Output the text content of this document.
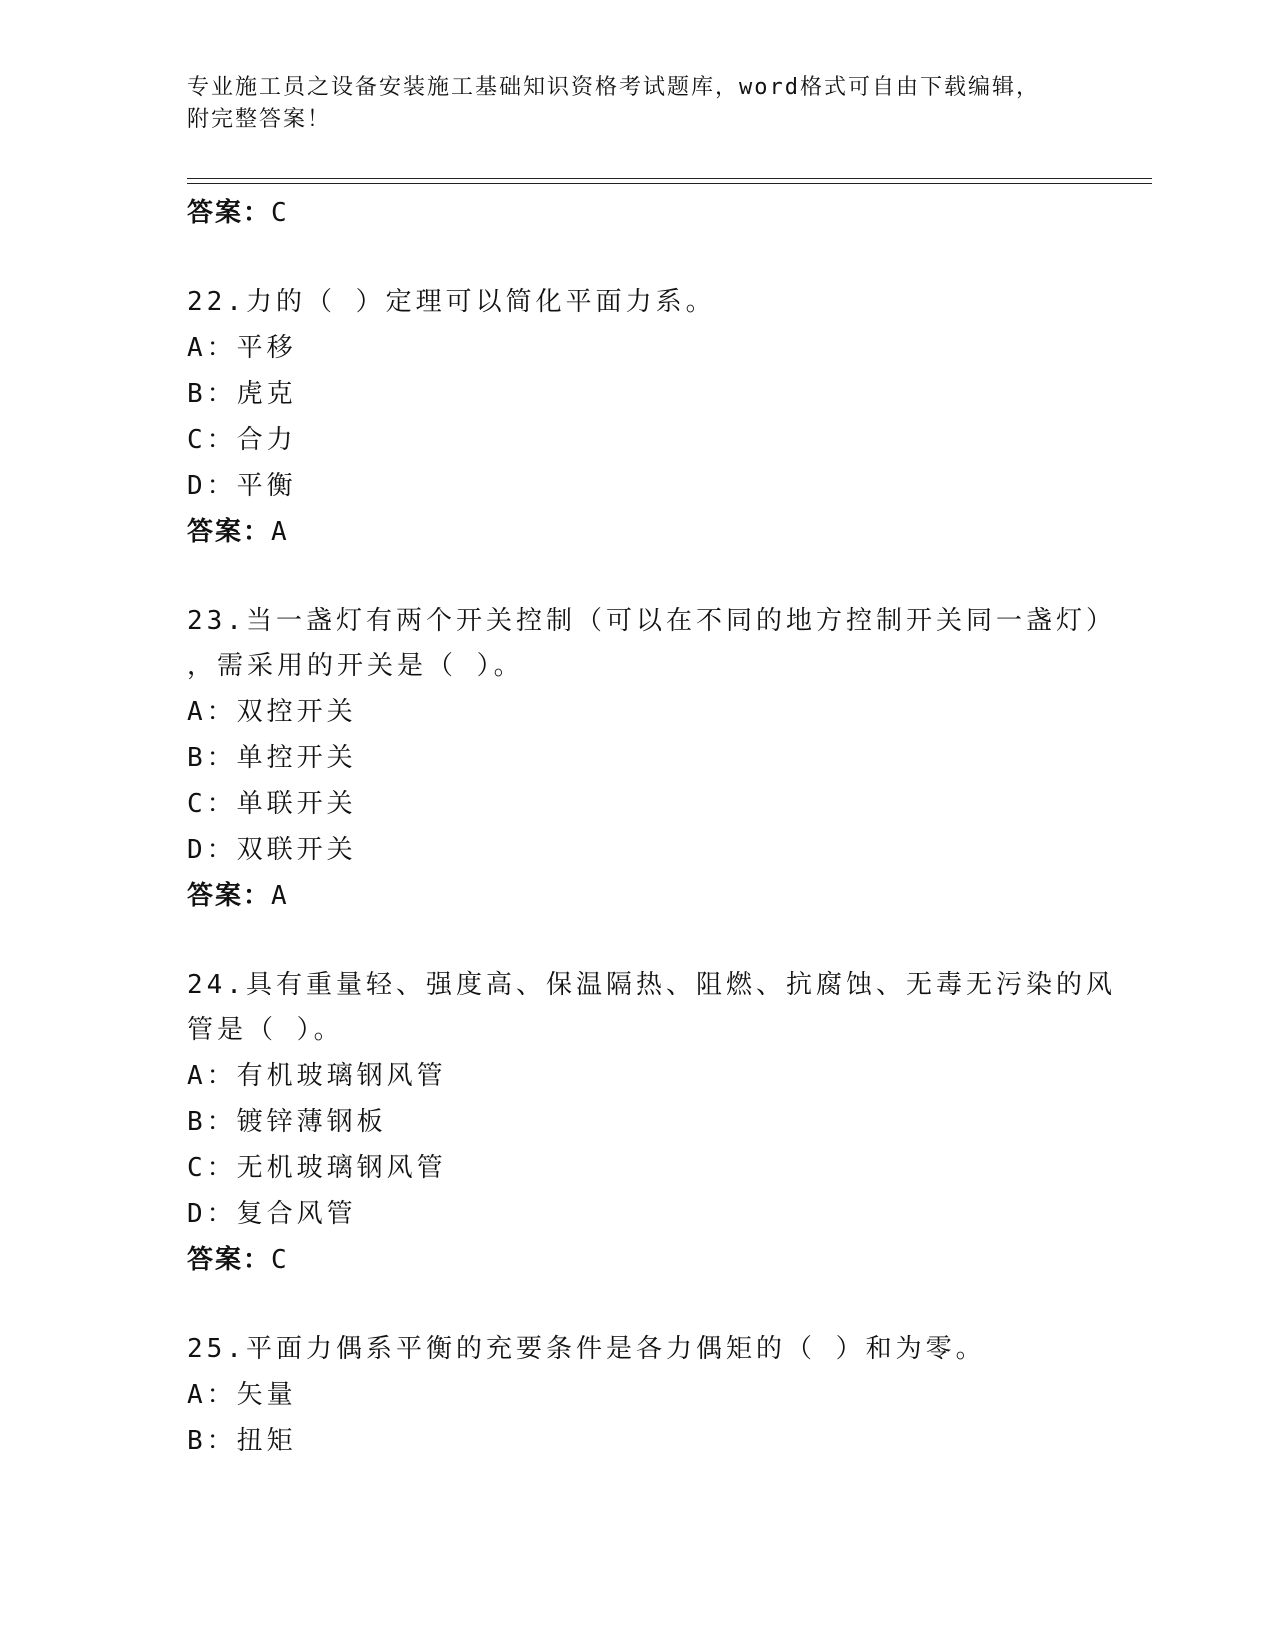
专业施工员之设备安装施工基础知识资格考试题库，word格式可自由下载编辑，
附完整答案！
答案：C
22.力的（ ）定理可以简化平面力系。
A：平移
B：虎克
C：合力
D：平衡
答案：A
23.当一盏灯有两个开关控制（可以在不同的地方控制开关同一盏灯）
，需采用的开关是（ ）。
A：双控开关
B：单控开关
C：单联开关
D：双联开关
答案：A
24.具有重量轻、强度高、保温隔热、阻燃、抗腐蚀、无毒无污染的风
管是（ ）。
A：有机玻璃钢风管
B：镀锌薄钢板
C：无机玻璃钢风管
D：复合风管
答案：C
25.平面力偶系平衡的充要条件是各力偶矩的（ ）和为零。
A：矢量
B：扭矩
